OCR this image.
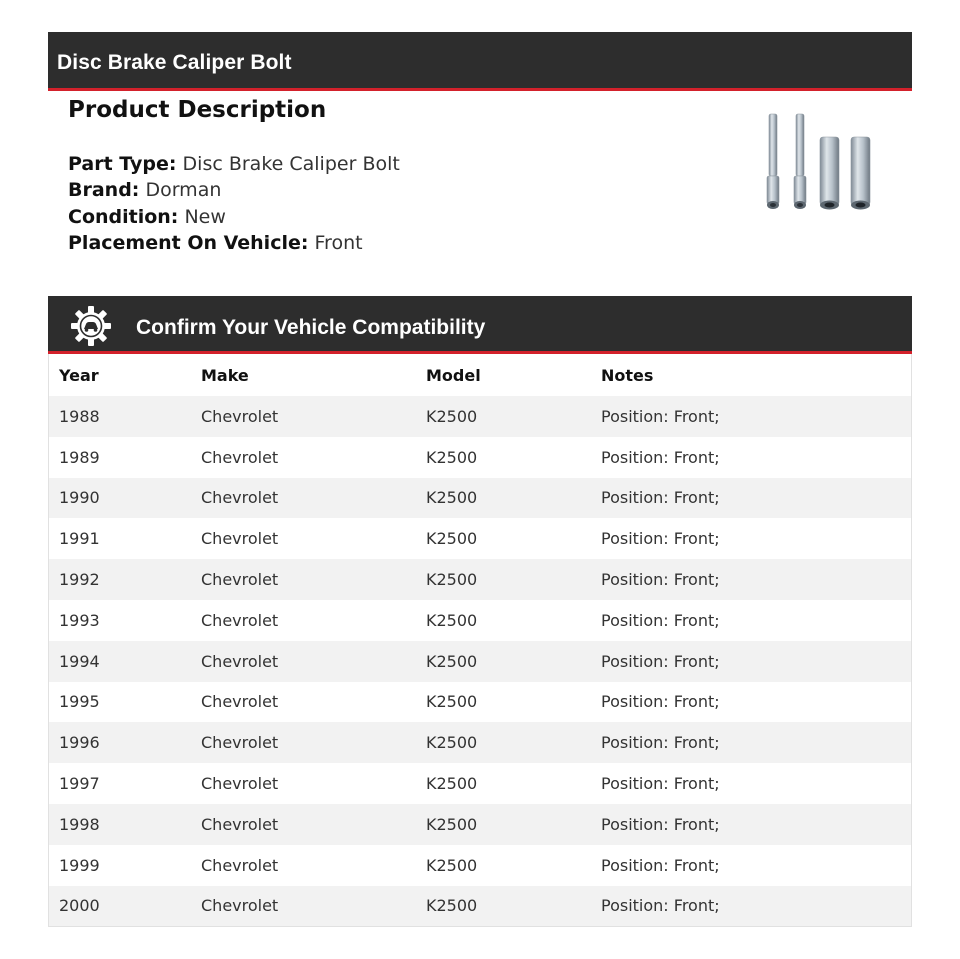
Disc Brake Caliper Bolt
Product Description
Part Type: Disc Brake Caliper Bolt
Brand: Dorman
Condition: New
Placement On Vehicle: Front
Confirm Your Vehicle Compatibility
Year	Make	Model	Notes
1988	Chevrolet	K2500	Position: Front;
1989	Chevrolet	K2500	Position: Front;
1990	Chevrolet	K2500	Position: Front;
1991	Chevrolet	K2500	Position: Front;
1992	Chevrolet	K2500	Position: Front;
1993	Chevrolet	K2500	Position: Front;
1994	Chevrolet	K2500	Position: Front;
1995	Chevrolet	K2500	Position: Front;
1996	Chevrolet	K2500	Position: Front;
1997	Chevrolet	K2500	Position: Front;
1998	Chevrolet	K2500	Position: Front;
1999	Chevrolet	K2500	Position: Front;
2000	Chevrolet	K2500	Position: Front;
